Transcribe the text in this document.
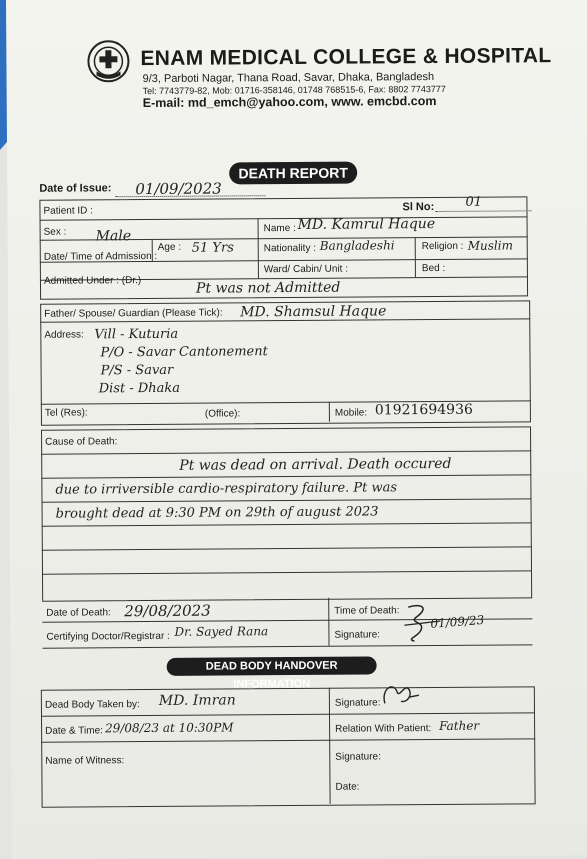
ENAM MEDICAL COLLEGE & HOSPITAL
9/3, Parboti Nagar, Thana Road, Savar, Dhaka, Bangladesh
Tel: 7743779-82, Mob: 01716-358146, 01748 768515-6, Fax: 8802 7743777
E-mail: md_emch@yahoo.com, www. emcbd.com
DEATH REPORT
Date of Issue: 01/09/2023
Sl No: 01
Patient ID :
Name : MD. Kamrul Haque
Sex : Male
Age : 51 Yrs	Nationality : Bangladeshi	Religion : Muslim
Date/ Time of Admission :
Ward/ Cabin/ Unit :	Bed :
Admitted Under : (Dr.)	Pt was not Admitted
Father/ Spouse/ Guardian (Please Tick): MD. Shamsul Haque
Address: Vill - Kuturia
P/O - Savar Cantonement
P/S - Savar
Dist - Dhaka
Tel (Res):	(Office):	Mobile: 01921694936
Cause of Death:
Pt was dead on arrival. Death occured
due to irriversible cardio-respiratory failure. Pt was
brought dead at 9:30 PM on 29th of august 2023
Date of Death: 29/08/2023	Time of Death:
Certifying Doctor/Registrar : Dr. Sayed Rana	Signature:
01/09/23
DEAD BODY HANDOVER INFORMATION
Dead Body Taken by: MD. Imran	Signature:
Date & Time: 29/08/23 at 10:30PM	Relation With Patient: Father
Name of Witness:	Signature:
Date:
